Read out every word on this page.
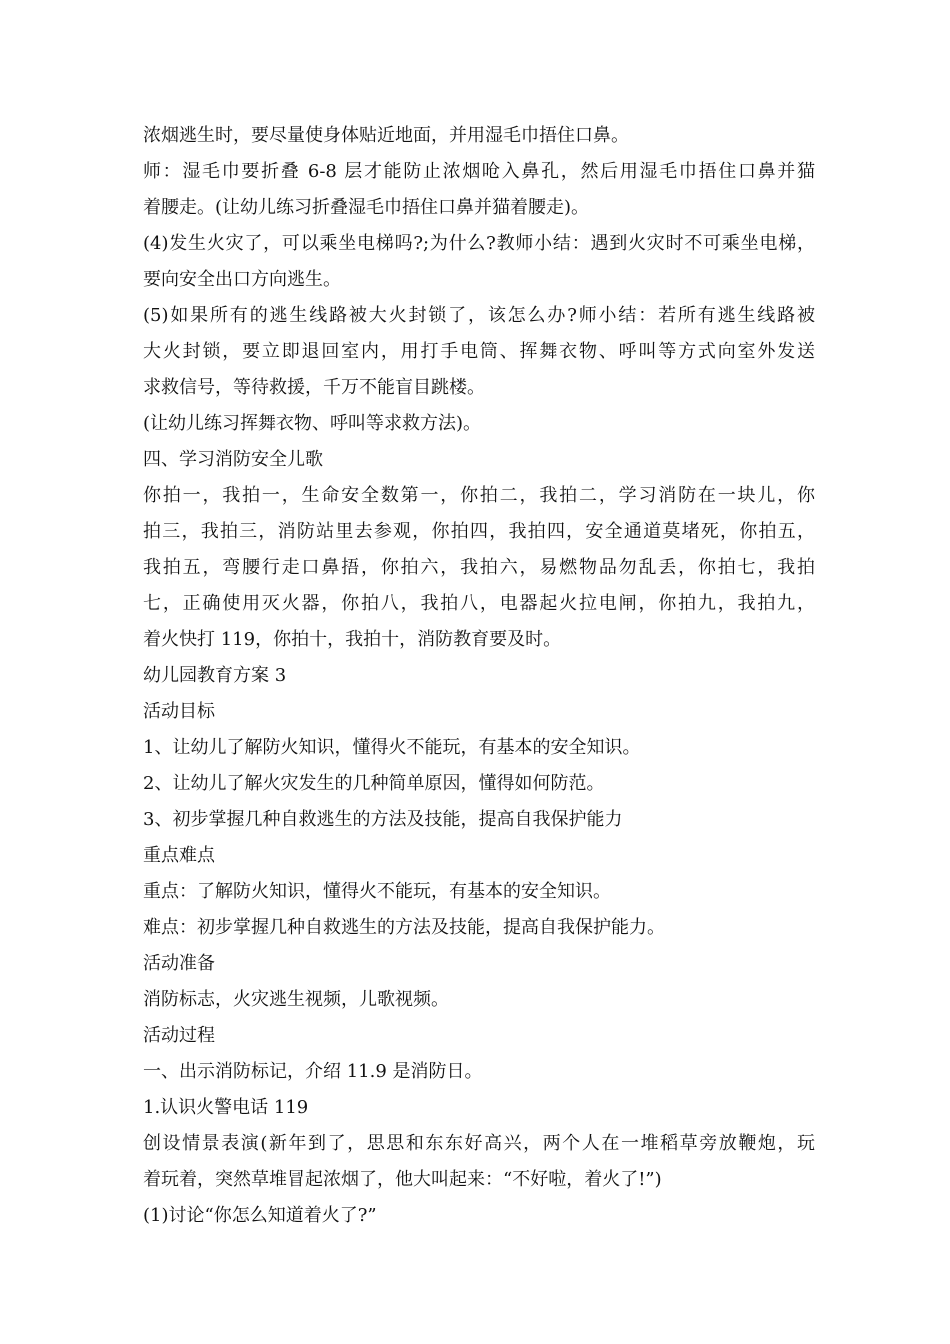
浓烟逃生时，要尽量使身体贴近地面，并用湿毛巾捂住口鼻。
师：湿毛巾要折叠 6-8 层才能防止浓烟呛入鼻孔，然后用湿毛巾捂住口鼻并猫
着腰走。(让幼儿练习折叠湿毛巾捂住口鼻并猫着腰走)。
(4)发生火灾了，可以乘坐电梯吗?;为什么?教师小结：遇到火灾时不可乘坐电梯，
要向安全出口方向逃生。
(5)如果所有的逃生线路被大火封锁了，该怎么办?师小结：若所有逃生线路被
大火封锁，要立即退回室内，用打手电筒、挥舞衣物、呼叫等方式向室外发送
求救信号，等待救援，千万不能盲目跳楼。
(让幼儿练习挥舞衣物、呼叫等求救方法)。
四、学习消防安全儿歌
你拍一，我拍一，生命安全数第一，你拍二，我拍二，学习消防在一块儿，你
拍三，我拍三，消防站里去参观，你拍四，我拍四，安全通道莫堵死，你拍五，
我拍五，弯腰行走口鼻捂，你拍六，我拍六，易燃物品勿乱丢，你拍七，我拍
七，正确使用灭火器，你拍八，我拍八，电器起火拉电闸，你拍九，我拍九，
着火快打 119，你拍十，我拍十，消防教育要及时。
幼儿园教育方案 3
活动目标
1、让幼儿了解防火知识，懂得火不能玩，有基本的安全知识。
2、让幼儿了解火灾发生的几种简单原因，懂得如何防范。
3、初步掌握几种自救逃生的方法及技能，提高自我保护能力
重点难点
重点：了解防火知识，懂得火不能玩，有基本的安全知识。
难点：初步掌握几种自救逃生的方法及技能，提高自我保护能力。
活动准备
消防标志，火灾逃生视频，儿歌视频。
活动过程
一、出示消防标记，介绍 11.9 是消防日。
1.认识火警电话 119
创设情景表演(新年到了，思思和东东好高兴，两个人在一堆稻草旁放鞭炮，玩
着玩着，突然草堆冒起浓烟了，他大叫起来：“不好啦，着火了!”)
(1)讨论“你怎么知道着火了?”
